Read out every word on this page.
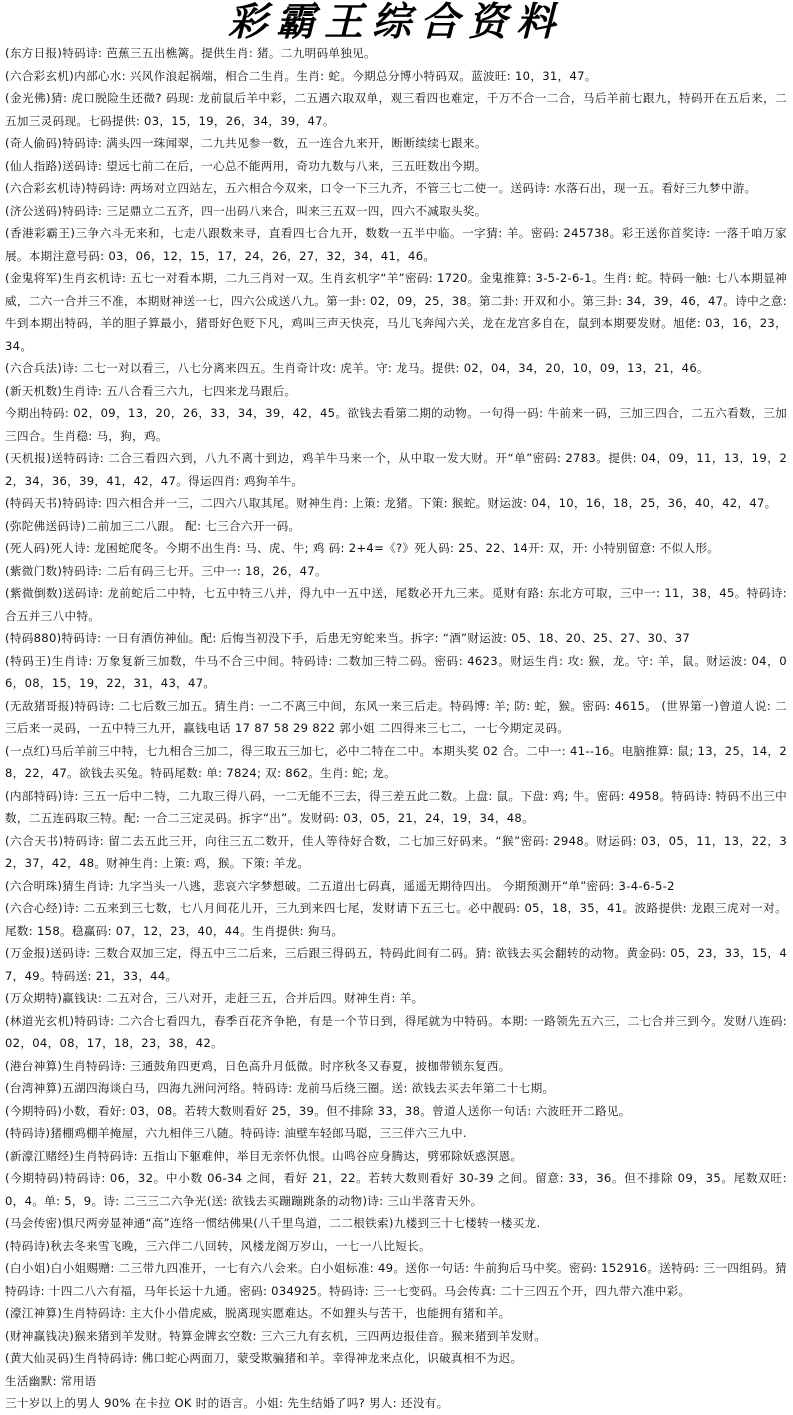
彩霸王综合资料

(东方日报)特码诗: 芭蕉三五出樵篱。提供生肖: 猪。二九明码单独见。

(六合彩玄机)内部心水: 兴风作浪起祸端，相合二生肖。生肖: 蛇。今期总分博小特码双。蓝波旺: 10，31，47。

(金光佛)猜: 虎口脱险生还微? 码现: 龙前鼠后羊中彩，二五遇六取双单，观三看四也难定，千万不合一二合，马后羊前七跟九，特码开在五后来，二五加三灵码现。七码提供: 03，15，19，26，34，39，47。

(奇人偷码)特码诗: 满头四一珠闻翠，二九共见参一数，五一连合九来开，断断续续七跟来。

(仙人指路)送码诗: 望远七前二在后，一心总不能两用，奇功九数与八来，三五旺数出今期。

(六合彩玄机诗)特码诗: 两场对立四站左，五六相合今双来，口令一下三九齐，不管三七二使一。送码诗: 水落石出，现一五。看好三九梦中游。

(济公送码)特码诗: 三足鼎立二五齐，四一出码八来合，叫来三五双一四，四六不减取头奖。

(香港彩霸王)三争六斗无来和，七走八跟数来寻，直看四七合九开，数数一五半中临。一字猜: 羊。密码: 245738。彩王送你首奖诗: 一落千咱万家展。本期注意号码: 03，06，12，15，17，24，26，27，32，34，41，46。

(金鬼将军)生肖玄机诗: 五七一对看本期，二九三肖对一双。生肖玄机字“羊”密码: 1720。金鬼推算: 3-5-2-6-1。生肖: 蛇。特码一触: 七八本期显神威，二六一合并三不准，本期财神送一七，四六公成送八九。第一卦: 02，09，25，38。第二卦: 开双和小。第三卦: 34，39，46，47。诗中之意: 牛到本期出特码，羊的胆子算最小，猪哥好色贬下凡，鸡叫三声天快亮，马儿飞奔闯六关，龙在龙宫多自在，鼠到本期要发财。旭佬: 03，16，23，34。

(六合兵法)诗: 二七一对以看三，八七分离来四五。生肖奇计攻: 虎羊。守: 龙马。提供: 02，04，34，20，10，09，13，21，46。

(新天机数)生肖诗: 五八合看三六九，七四来龙马跟后。

今期出特码: 02，09，13，20，26，33，34，39，42，45。欲钱去看第二期的动物。一句得一码: 牛前来一码，三加三四合，二五六看数，三加三四合。生肖稳: 马，狗，鸡。

(天机报)送特码诗: 二合三看四六到，八九不离十到边，鸡羊牛马来一个，从中取一发大财。开“单”密码: 2783。提供: 04，09，11，13，19，22，34，36，39，41，42，47。得运四肖: 鸡狗羊牛。

(特码天书)特码诗: 四六相合并一三，二四六八取其尾。财神生肖: 上策: 龙猪。下策: 猴蛇。财运波: 04，10，16，18，25，36，40，42，47。

(弥陀佛送码诗)二前加三二八跟。 配: 七三合六开一码。

(死人码)死人诗: 龙困蛇爬冬。今期不出生肖: 马、虎、牛; 鸡 码: 2+4=《?》死人码: 25、22、14开: 双，开: 小特别留意: 不似人形。

(紫微门数)特码诗: 二后有码三七开。三中一: 18，26，47。

(紫微倒数)送码诗: 龙前蛇后二中特，七五中特三八并，得九中一五中送，尾数必开九三来。觅财有路: 东北方可取，三中一: 11，38，45。特码诗: 合五并三八中特。

(特码880)特码诗: 一日有酒仿神仙。配: 后悔当初没下手，后患无穷蛇来当。拆字: “酒”财运波: 05、18、20、25、27、30、37

(特码王)生肖诗: 万象复新三加数，牛马不合三中间。特码诗: 二数加三特二码。密码: 4623。财运生肖: 攻: 猴，龙。守: 羊，鼠。财运波: 04，06，08，15，19，22，31，43，47。

(无敌猪哥报)特码诗: 二七后数三加五。猜生肖: 一二不离三中间，东风一来三后走。特码博: 羊; 防: 蛇，猴。密码: 4615。 (世界第一)曾道人说: 二三后来一灵码，一五中特三九开，赢钱电话 17 87 58 29 822 郭小姐 二四得来三七二，一七今期定灵码。

(一点红)马后羊前三中特，七九相合三加二，得三取五三加七，必中二特在二中。本期头奖 02 合。二中一: 41--16。电脑推算: 鼠; 13，25，14，28，22，47。欲钱去买兔。特码尾数: 单: 7824; 双: 862。生肖: 蛇; 龙。

(内部特码)诗: 三五一后中二特，二九取三得八码，一二无能不三去，得三差五此二数。上盘: 鼠。下盘: 鸡; 牛。密码: 4958。特码诗: 特码不出三中数，二五连码取三特。配: 一合二三定灵码。拆字“出”。发财码: 03，05，21，24，19，34，48。

(六合天书)特码诗: 留二去五此三开，向往三五二数开，佳人等待好合数，二七加三好码来。“猴”密码: 2948。财运码: 03，05，11，13，22，32，37，42，48。财神生肖: 上策: 鸡，猴。下策: 羊龙。

(六合明珠)猜生肖诗: 九字当头一八逃，悲哀六字梦想破。二五道出七码真，遥遥无期待四出。 今期预测开“单”密码: 3-4-6-5-2

(六合心经)诗: 二五来到三七数，七八月间花儿开，三九到来四七尾，发财请下五三七。必中靓码: 05，18，35，41。波路提供: 龙跟三虎对一对。尾数: 158。稳赢码: 07，12，23，40，44。生肖提供: 狗马。

(万金报)送码诗: 三数合双加三定，得五中三二后来，三后跟三得码五，特码此间有二码。猜: 欲钱去买会翻转的动物。黄金码: 05，23，33，15，47，49。特码送: 21，33，44。

(万众期特)赢钱诀: 二五对合，三八对开，走赶三五，合并后四。财神生肖: 羊。

(林道光玄机)特码诗: 二六合七看四九，春季百花齐争艳，有是一个节日到，得尾就为中特码。本期: 一路领先五六三，二七合并三到今。发财八连码: 02，04，08，17，18，23，38，42。

(港台神算)生肖特码诗: 三通鼓角四更鸡，日色高升月低微。时序秋冬又春夏，披枷带锁东复西。

(台湾神算)五湖四海谈白马，四海九洲问河络。特码诗: 龙前马后绕三圈。送: 欲钱去买去年第二十七期。

(今期特码)小数，看好: 03，08。若转大数则看好 25，39。但不排除 33，38。曾道人送你一句话: 六波旺开二路见。

(特码诗)猪棚鸡棚羊掩屋，六九相伴三八随。特码诗: 油壁车轻郎马聪，三三伴六三九中.

(新濠江赌经)生肖特码诗: 五指山下躯难伸，举目无亲怀仇恨。山鸣谷应身腾达，劈邪除妖惑溟恩。

(今期特码)特码诗: 06，32。中小数 06-34 之间，看好 21，22。若转大数则看好 30-39 之间。留意: 33，36。但不排除 09，35。尾数双旺: 0，4。单: 5，9。诗: 二三三二六争光(送: 欲钱去买蹦蹦跳条的动物)诗: 三山半落青天外。

(马会传密)惧尺两旁显神通“高”连络一惯结佛果(八千里鸟道，二二根铁索)九楼到三十七楼转一楼买龙.

(特码诗)秋去冬来雪飞晚，三六伴二八回转，风楼龙阁万岁山，一七一八比短长。

(白小姐)白小姐赐赠: 二三带九四准开，一七有六八会来。白小姐标准: 49。送你一句话: 牛前狗后马中奖。密码: 152916。送特码: 三一四组码。猜特码诗: 十四二八六有福，马年长运十九通。密码: 034925。特码诗: 三一七变码。马会传真: 二十三四五个开，四九带六准中彩。

(濠江神算)生肖特码诗: 主大仆小借虎威，脱离现实愿难达。不如狸头与苦干，也能拥有猪和羊。

(财神赢钱决)猴来猪到羊发财。特算金牌玄空数: 三六三九有玄机，三四两边报佳音。猴来猪到羊发财。

(黄大仙灵码)生肖特码诗: 佛口蛇心两面刀，蒙受欺骗猪和羊。幸得神龙来点化，识破真相不为迟。

生活幽默: 常用语

三十岁以上的男人 90% 在卡拉 OK 时的语言。小姐: 先生结婚了吗? 男人: 还没有。
